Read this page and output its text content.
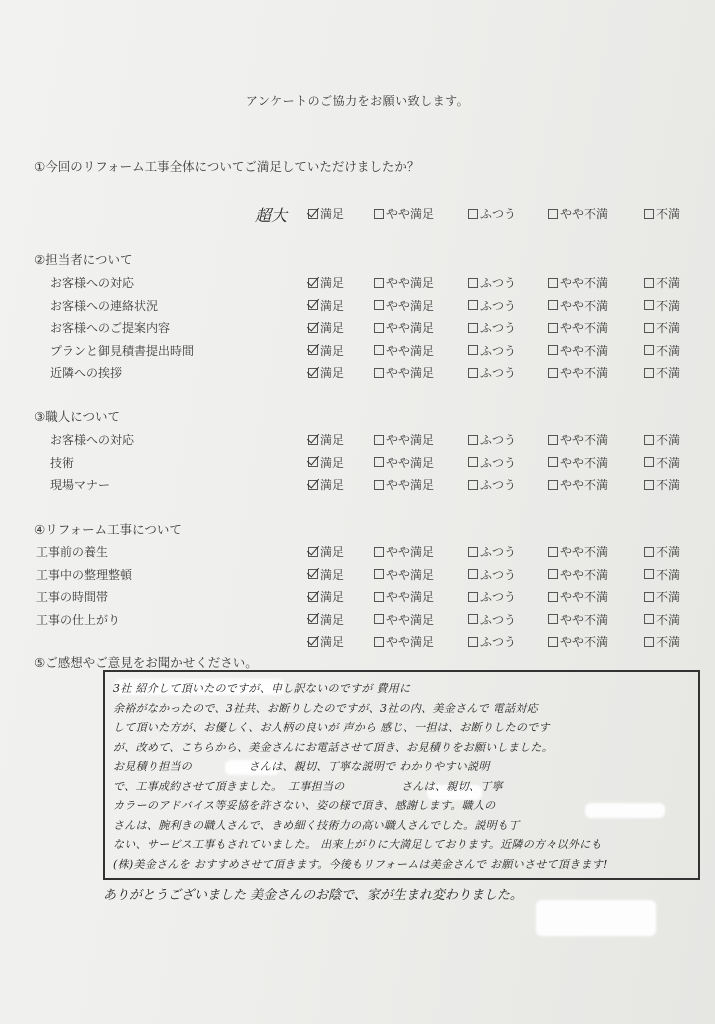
アンケートのご協力をお願い致します。
①今回のリフォーム工事全体についてご満足していただけましたか？
超大	満足	やや満足	ふつう	やや不満	不満
②担当者について
お客様への対応	満足	やや満足	ふつう	やや不満	不満
お客様への連絡状況	満足	やや満足	ふつう	やや不満	不満
お客様へのご提案内容	満足	やや満足	ふつう	やや不満	不満
プランと御見積書提出時間	満足	やや満足	ふつう	やや不満	不満
近隣への挨拶	満足	やや満足	ふつう	やや不満	不満
③職人について
お客様への対応	満足	やや満足	ふつう	やや不満	不満
技術	満足	やや満足	ふつう	やや不満	不満
現場マナー	満足	やや満足	ふつう	やや不満	不満
④リフォーム工事について
工事前の養生	満足	やや満足	ふつう	やや不満	不満
工事中の整理整頓	満足	やや満足	ふつう	やや不満	不満
工事の時間帯	満足	やや満足	ふつう	やや不満	不満
工事の仕上がり	満足	やや満足	ふつう	やや不満	不満
満足	やや満足	ふつう	やや不満	不満
⑤ご感想やご意見をお聞かせください。
3社 紹介して頂いたのですが、申し訳ないのですが 費用に
余裕がなかったので、3社共、お断りしたのですが、3社の内、美金さんで 電話対応
して頂いた方が、お優しく、お人柄の良いが 声から 感じ、一担は、お断りしたのです
が、改めて、こちらから、美金さんにお電話させて頂き、お見積りをお願いしました。
お見積り担当の　　　　　さんは、親切、丁寧な説明で わかりやすい説明
で、工事成約させて頂きました。　工事担当の　　　　　さんは、親切、丁寧
カラーのアドバイス等妥協を許さない、姿の様で頂き、感謝します。職人の
さんは、腕利きの職人さんで、きめ細く技術力の高い職人さんでした。説明も丁
ない、サービス工事もされていました。 出来上がりに大満足しております。近隣の方々以外にも
(株)美金さんを おすすめさせて頂きます。今後もリフォームは美金さんで お願いさせて頂きます!
ありがとうございました 美金さんのお陰で、家が生まれ変わりました。
